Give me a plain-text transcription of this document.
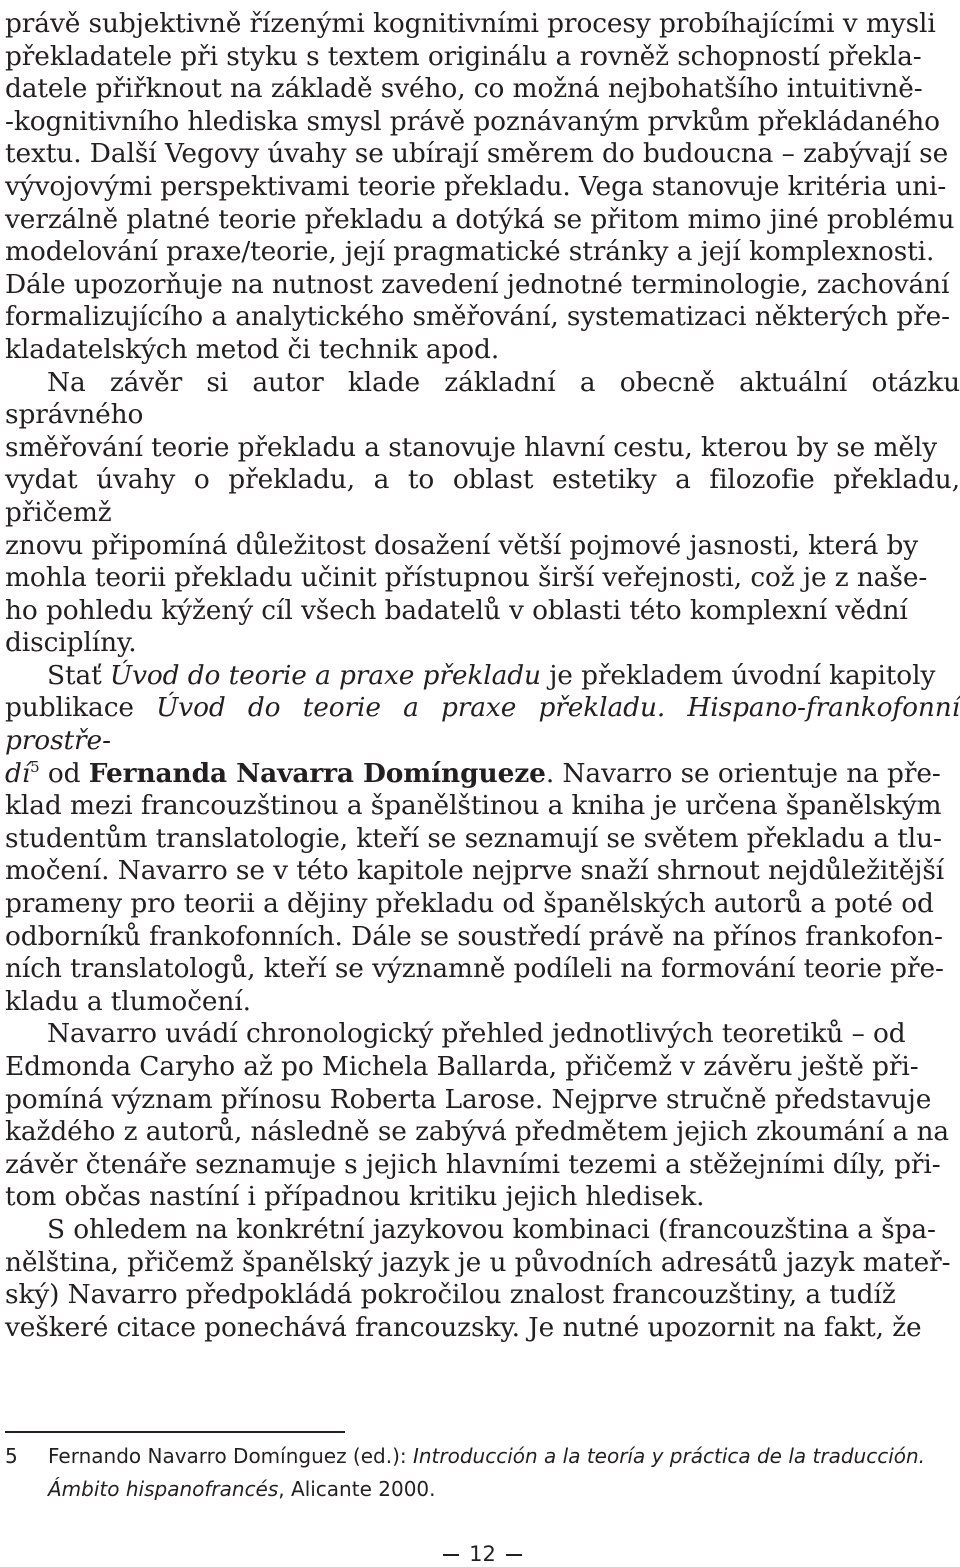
právě subjektivně řízenými kognitivními procesy probíhajícími v mysli
překladatele při styku s textem originálu a rovněž schopností překla-
datele přiřknout na základě svého, co možná nejbohatšího intuitivně-
-kognitivního hlediska smysl právě poznávaným prvkům překládaného
textu. Další Vegovy úvahy se ubírají směrem do budoucna – zabývají se
vývojovými perspektivami teorie překladu. Vega stanovuje kritéria uni-
verzálně platné teorie překladu a dotýká se přitom mimo jiné problému
modelování praxe/teorie, její pragmatické stránky a její komplexnosti.
Dále upozorňuje na nutnost zavedení jednotné terminologie, zachování
formalizujícího a analytického směřování, systematizaci některých pře-
kladatelských metod či technik apod.

Na závěr si autor klade základní a obecně aktuální otázku správného
směřování teorie překladu a stanovuje hlavní cestu, kterou by se měly
vydat úvahy o překladu, a to oblast estetiky a filozofie překladu, přičemž
znovu připomíná důležitost dosažení větší pojmové jasnosti, která by
mohla teorii překladu učinit přístupnou širší veřejnosti, což je z naše-
ho pohledu kýžený cíl všech badatelů v oblasti této komplexní vědní
disciplíny.

Stať Úvod do teorie a praxe překladu je překladem úvodní kapitoly
publikace Úvod do teorie a praxe překladu. Hispano-frankofonní prostře-
$dí^5$ od Fernanda Navarra Domíngueze. Navarro se orientuje na pře-
klad mezi francouzštinou a španělštinou a kniha je určena španělským
studentům translatologie, kteří se seznamují se světem překladu a tlu-
močení. Navarro se v této kapitole nejprve snaží shrnout nejdůležitější
prameny pro teorii a dějiny překladu od španělských autorů a poté od
odborníků frankofonních. Dále se soustředí právě na přínos frankofon-
ních translatologů, kteří se významně podíleli na formování teorie pře-
kladu a tlumočení.

Navarro uvádí chronologický přehled jednotlivých teoretiků – od
Edmonda Caryho až po Michela Ballarda, přičemž v závěru ještě při-
pomíná význam přínosu Roberta Larose. Nejprve stručně představuje
každého z autorů, následně se zabývá předmětem jejich zkoumání a na
závěr čtenáře seznamuje s jejich hlavními tezemi a stěžejními díly, při-
tom občas nastíní i případnou kritiku jejich hledisek.

S ohledem na konkrétní jazykovou kombinaci (francouzština a špa-
nělština, přičemž španělský jazyk je u původních adresátů jazyk mateř-
ský) Navarro předpokládá pokročilou znalost francouzštiny, a tudíž
veškeré citace ponechává francouzsky. Je nutné upozornit na fakt, že

5	Fernando Navarro Domínguez (ed.): Introducción a la teoría y práctica de la traducción.
Ámbito hispanofrancés, Alicante 2000.
12
